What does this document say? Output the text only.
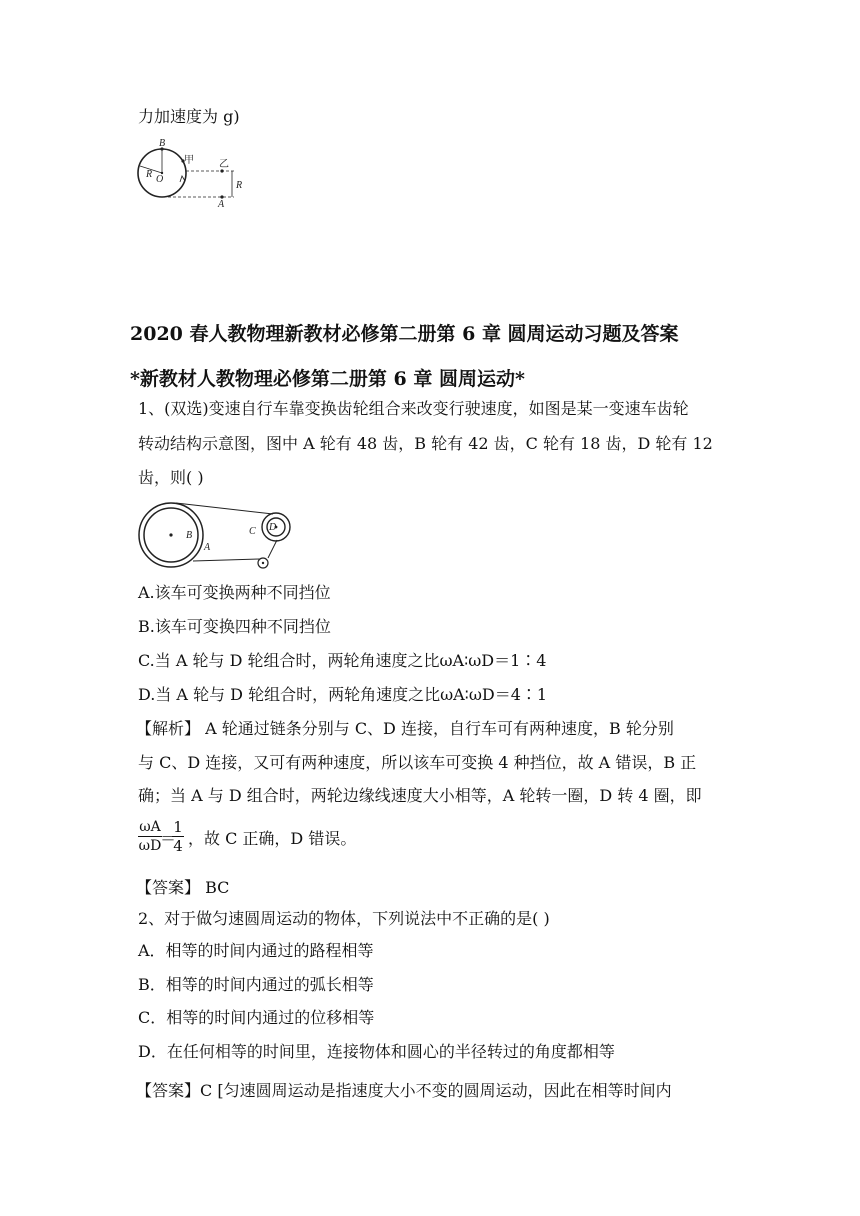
力加速度为 g)
B
甲	乙
R O
R
A
2020 春人教物理新教材必修第二册第 6 章 圆周运动习题及答案
*新教材人教物理必修第二册第 6 章 圆周运动*
1、(双选)变速自行车靠变换齿轮组合来改变行驶速度，如图是某一变速车齿轮
转动结构示意图，图中 A 轮有 48 齿，B 轮有 42 齿，C 轮有 18 齿，D 轮有 12
齿，则( )
B
A
C D
A.该车可变换两种不同挡位
B.该车可变换四种不同挡位
C.当 A 轮与 D 轮组合时，两轮角速度之比ωA∶ωD＝1∶4
D.当 A 轮与 D 轮组合时，两轮角速度之比ωA∶ωD＝4∶1
【解析】 A 轮通过链条分别与 C、D 连接，自行车可有两种速度，B 轮分别
与 C、D 连接，又可有两种速度，所以该车可变换 4 种挡位，故 A 错误，B 正
确；当 A 与 D 组合时，两轮边缘线速度大小相等，A 轮转一圈，D 转 4 圈，即
$\frac{\omega A}{\omega D}$
＝
$\frac{1}{4}$ ，故 C 正确，D 错误。
【答案】 BC
2、对于做匀速圆周运动的物体，下列说法中不正确的是( )
A．相等的时间内通过的路程相等
B．相等的时间内通过的弧长相等
C．相等的时间内通过的位移相等
D．在任何相等的时间里，连接物体和圆心的半径转过的角度都相等
【答案】C [匀速圆周运动是指速度大小不变的圆周运动，因此在相等时间内
